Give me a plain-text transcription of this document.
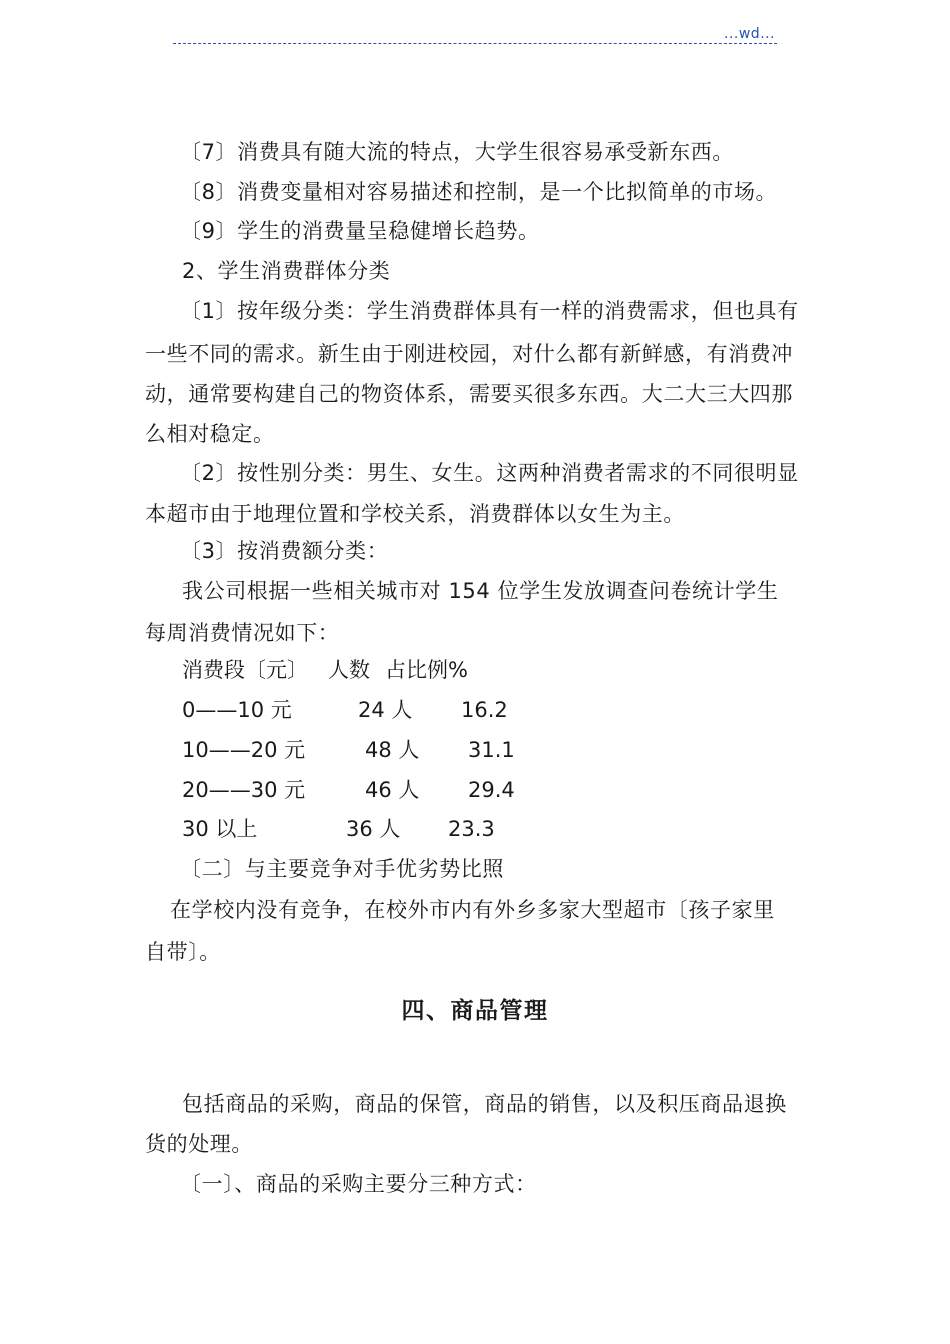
...wd...
〔7〕消费具有随大流的特点，大学生很容易承受新东西。
〔8〕消费变量相对容易描述和控制，是一个比拟简单的市场。
〔9〕学生的消费量呈稳健增长趋势。
2、学生消费群体分类
〔1〕按年级分类：学生消费群体具有一样的消费需求，但也具有
一些不同的需求。新生由于刚进校园，对什么都有新鲜感，有消费冲
动，通常要构建自己的物资体系，需要买很多东西。大二大三大四那
么相对稳定。
〔2〕按性别分类：男生、女生。这两种消费者需求的不同很明显
本超市由于地理位置和学校关系，消费群体以女生为主。
〔3〕按消费额分类：
我公司根据一些相关城市对 154 位学生发放调查问卷统计学生
每周消费情况如下：
消费段〔元〕 人数 占比例%
0——10 元	24 人 16.2
10——20 元	48 人 31.1
20——30 元	46 人 29.4
30 以上	36 人 23.3
〔二〕与主要竞争对手优劣势比照
在学校内没有竞争，在校外市内有外乡多家大型超市〔孩子家里
自带〕。
四、商品管理
包括商品的采购，商品的保管，商品的销售，以及积压商品退换
货的处理。
〔一〕、商品的采购主要分三种方式：
